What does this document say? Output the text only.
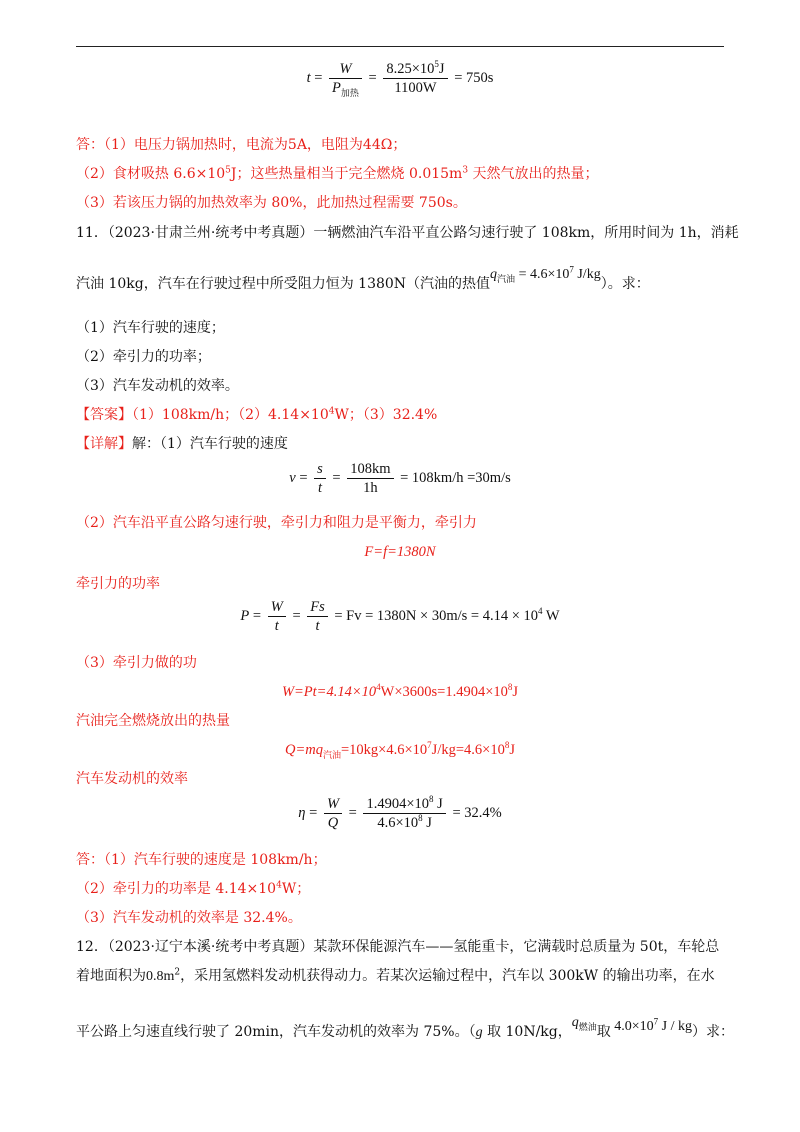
$t = \frac{W}{P_{加热}} = \frac{8.25\times 10^5J}{1100W} = 750s$
答：（1）电压力锅加热时，电流为5A，电阻为44Ω；
（2）食材吸热 $6.6\times 10^5J$；这些热量相当于完全燃烧 $0.015m^3$ 天然气放出的热量；
（3）若该压力锅的加热效率为 80%，此加热过程需要 750s。
11．（2023·甘肃兰州·统考中考真题）一辆燃油汽车沿平直公路匀速行驶了 108km，所用时间为 1h，消耗
汽油 10kg，汽车在行驶过程中所受阻力恒为 1380N（汽油的热值$q_{汽油} = 4.6\times 10^7$ J/kg）。求：
（1）汽车行驶的速度；
（2）牵引力的功率；
（3）汽车发动机的效率。
【答案】（1）108km/h；$(2)4.14\times 10^4W$；（3）32.4%
【详解】解：（1）汽车行驶的速度
$v = \frac{s}{t} = \frac{108km}{1h} = 108km/h =30m/s$
（2）汽车沿平直公路匀速行驶，牵引力和阻力是平衡力，牵引力
F=f=1380N
牵引力的功率
$P = \frac{W}{t} = \frac{Fs}{t} = Fv = 1380N \times 30m/s = 4.14 \times 10^4$ W
（3）牵引力做的功
$W=Pt=4.14\times 10^4W\times 3600s=1.4904\times 10^8J$
汽油完全燃烧放出的热量
$Q=mq_{汽油}=10kg\times 4.6\times 10^7J/kg=4.6\times 10^8J$
汽车发动机的效率
$\eta = \frac{W}{Q} = \frac{1.4904\times 10^8 J}{4.6\times 10^8 J} = 32.4\%$
答：（1）汽车行驶的速度是 108km/h；
（2）牵引力的功率是 $4.14\times 10^4W$；
（3）汽车发动机的效率是 32.4%。
12．（2023·辽宁本溪·统考中考真题）某款环保能源汽车——氢能重卡，它满载时总质量为 50t，车轮总
着地面积为$0.8m^2$，采用氢燃料发动机获得动力。若某次运输过程中，汽车以 300kW 的输出功率，在水
平公路上匀速直线行驶了 20min，汽车发动机的效率为 75%。（g 取 10N/kg，$q_{燃油}$取 $4.0\times 10^7$ J / kg）求：
